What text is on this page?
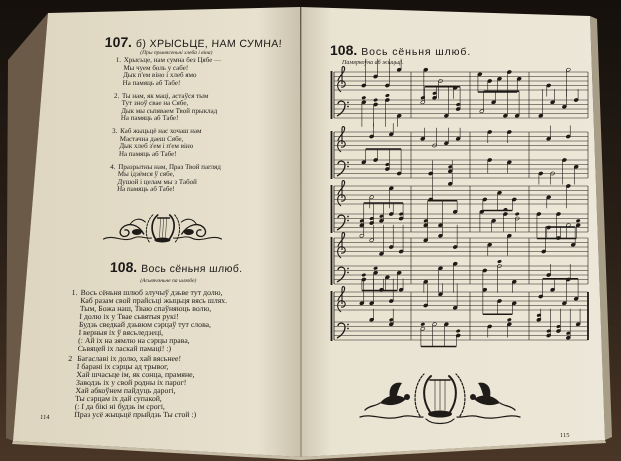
107. б) ХРЫСЬЦЕ, НАМ СУМНА!
(Пры прынясеньні хлеба і віна)
1. Хрысьце, нам сумна без Цябе —
Мы чуем боль у сабе!
Дык п'ем віно і хлеб ямо
На памяць аб Табе!
2. Ты нам, як маці, астаўся тым
Тут зноў свае на Сябе,
Дык мы сьпяваем Твой прыклад
На памяць аб Табе!
3. Каб жыцьцё нас хочаш нам
Мастачна даеш Сябе,
Дык хлеб з'ем і п'ем віно
На памяць аб Табе!
4. Празрытны нам, Праз Твой пагляд
Мы ідзёмся ў сябе,
Душой і целам мы з Табой
На памяць аб Табе!
108. Вось сёньня шлюб.
(Асьвячэньне па шлюбе)
1. Вось сёньня шлюб злучыў дзьве тут долю,
Каб разам свой прайсьці жыцьця вясь шлях.
Тым, Божа наш, Тваю спаўняюць волю,
І долю іх у Твае сьвятыя рукі!
Будзь сведкай дзьвюм сэрцаў тут слова,
І верныя іх ў вясьледзеці,
(: Ай іх на зямлю на сэрцы права,
Сьвяцей іх ласкай памаці! :)
2 Багаславі іх долю, хай вясьнее!
І барані іх сэрцы ад трывог,
Хай шчасьце ім, як сонца, прамяне,
Заводзь іх у свой родны іх парог!
Хай абкоўнем пайдуць дарогі,
Ты сэрцам іх дай супакой,
(: І да бікі ні будзь ім срогі,
Праз усё жыцьцё прыйдзь Ты стой :)
114
108. Вось сёньня шлюб.
Памяркоўна аб жыцьці.
115
